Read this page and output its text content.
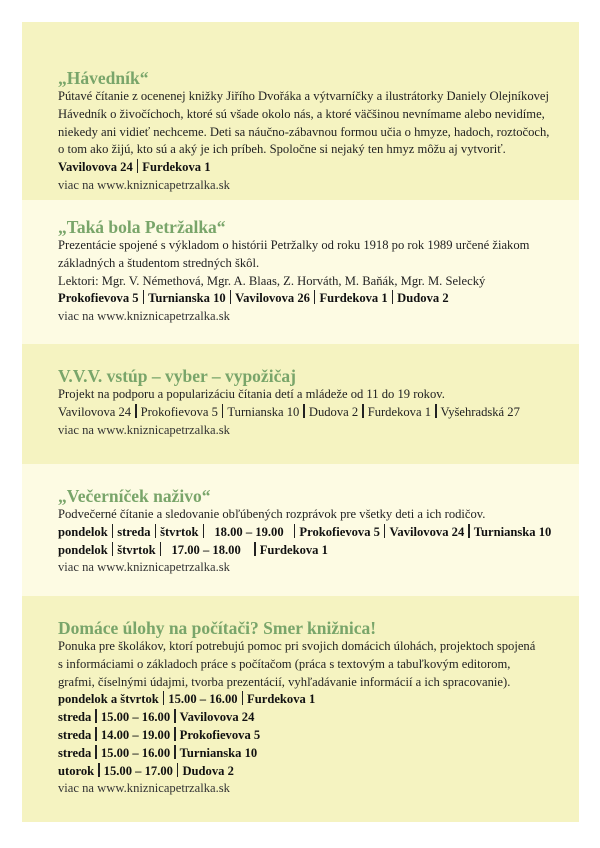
„Hávedník“
Pútavé čítanie z ocenenej knižky Jiřího Dvořáka a výtvarníčky a ilustrátorky Daniely Olejníkovej
Hávedník o živočíchoch, ktoré sú všade okolo nás, a ktoré väčšinou nevnímame alebo nevidíme,
niekedy ani vidieť nechceme. Deti sa náučno-zábavnou formou učia o hmyze, hadoch, roztočoch,
o tom ako žijú, kto sú a aký je ich príbeh. Spoločne si nejaký ten hmyz môžu aj vytvoriť.
Vavilovova 24 Furdekova 1
viac na www.kniznicapetrzalka.sk
„Taká bola Petržalka“
Prezentácie spojené s výkladom o histórii Petržalky od roku 1918 po rok 1989 určené žiakom
základných a študentom stredných škôl.
Lektori: Mgr. V. Némethová, Mgr. A. Blaas, Z. Horváth, M. Baňák, Mgr. M. Selecký
Prokofievova 5 Turnianska 10 Vavilovova 26 Furdekova 1 Dudova 2
viac na www.kniznicapetrzalka.sk
V.V.V. vstúp – vyber – vypožičaj
Projekt na podporu a popularizáciu čítania detí a mládeže od 11 do 19 rokov.
Vavilovova 24 Prokofievova 5 Turnianska 10 Dudova 2 Furdekova 1 Vyšehradská 27
viac na www.kniznicapetrzalka.sk
„Večerníček naživo“
Podvečerné čítanie a sledovanie obľúbených rozprávok pre všetky deti a ich rodičov.
pondelok streda štvrtok 18.00 – 19.00 Prokofievova 5 Vavilovova 24 Turnianska 10
pondelok štvrtok 17.00 – 18.00 Furdekova 1
viac na www.kniznicapetrzalka.sk
Domáce úlohy na počítači? Smer knižnica!
Ponuka pre školákov, ktorí potrebujú pomoc pri svojich domácich úlohách, projektoch spojená
s informáciami o základoch práce s počítačom (práca s textovým a tabuľkovým editorom,
grafmi, číselnými údajmi, tvorba prezentácií, vyhľadávanie informácií a ich spracovanie).
pondelok a štvrtok 15.00 – 16.00 Furdekova 1
streda 15.00 – 16.00 Vavilovova 24
streda 14.00 – 19.00 Prokofievova 5
streda 15.00 – 16.00 Turnianska 10
utorok 15.00 – 17.00 Dudova 2
viac na www.kniznicapetrzalka.sk
